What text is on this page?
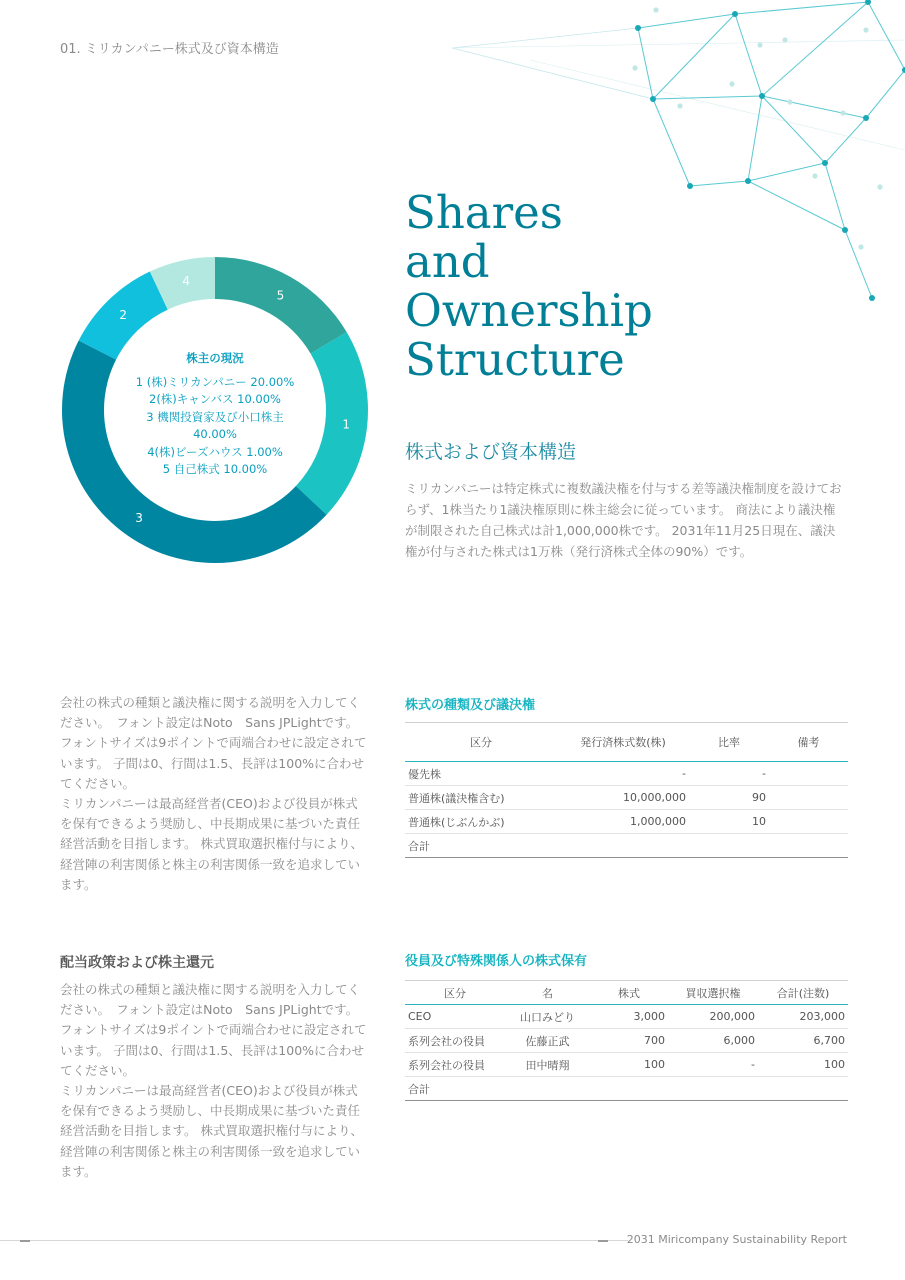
01. ミリカンパニー株式及び資本構造
Shares
and
Ownership
Structure
株式および資本構造
ミリカンパニーは特定株式に複数議決権を付与する差等議決権制度を設けておらず、1株当たり1議決権原則に株主総会に従っています。 商法により議決権が制限された自己株式は計1,000,000株です。 2031年11月25日現在、議決権が付与された株式は1万株（発行済株式全体の90%）です。
5
1
3
2
4
株主の現況
1 (株)ミリカンパニー 20.00%
2(株)キャンバス 10.00%
3 機関投資家及び小口株主
40.00%
4(株)ビーズハウス 1.00%
5 自己株式 10.00%
会社の株式の種類と議決権に関する説明を入力してください。　フォント設定はNoto　Sans JPLightです。 フォントサイズは9ポイントで両端合わせに設定されています。 子間は0、行間は1.5、長評は100%に合わせてください。
ミリカンパニーは最高経営者(CEO)および役員が株式を保有できるよう奨励し、中長期成果に基づいた責任経営活動を目指します。 株式買取選択権付与により、経営陣の利害関係と株主の利害関係一致を追求しています。
配当政策および株主還元
会社の株式の種類と議決権に関する説明を入力してください。　フォント設定はNoto　Sans JPLightです。 フォントサイズは9ポイントで両端合わせに設定されています。 子間は0、行間は1.5、長評は100%に合わせてください。
ミリカンパニーは最高経営者(CEO)および役員が株式を保有できるよう奨励し、中長期成果に基づいた責任経営活動を目指します。 株式買取選択権付与により、経営陣の利害関係と株主の利害関係一致を追求しています。
株式の種類及び議決権
区分	発行済株式数(株)	比率	備考
優先株	-	-	
普通株(議決権含む)	10,000,000	90	
普通株(じぶんかぶ)	1,000,000	10	
合計			
役員及び特殊関係人の株式保有
区分	名	株式	買収選択権	合計(注数)
CEO	山口みどり	3,000	200,000	203,000
系列会社の役員	佐藤正武	700	6,000	6,700
系列会社の役員	田中晴翔	100	-	100
合計				
2031 Miricompany Sustainability Report
